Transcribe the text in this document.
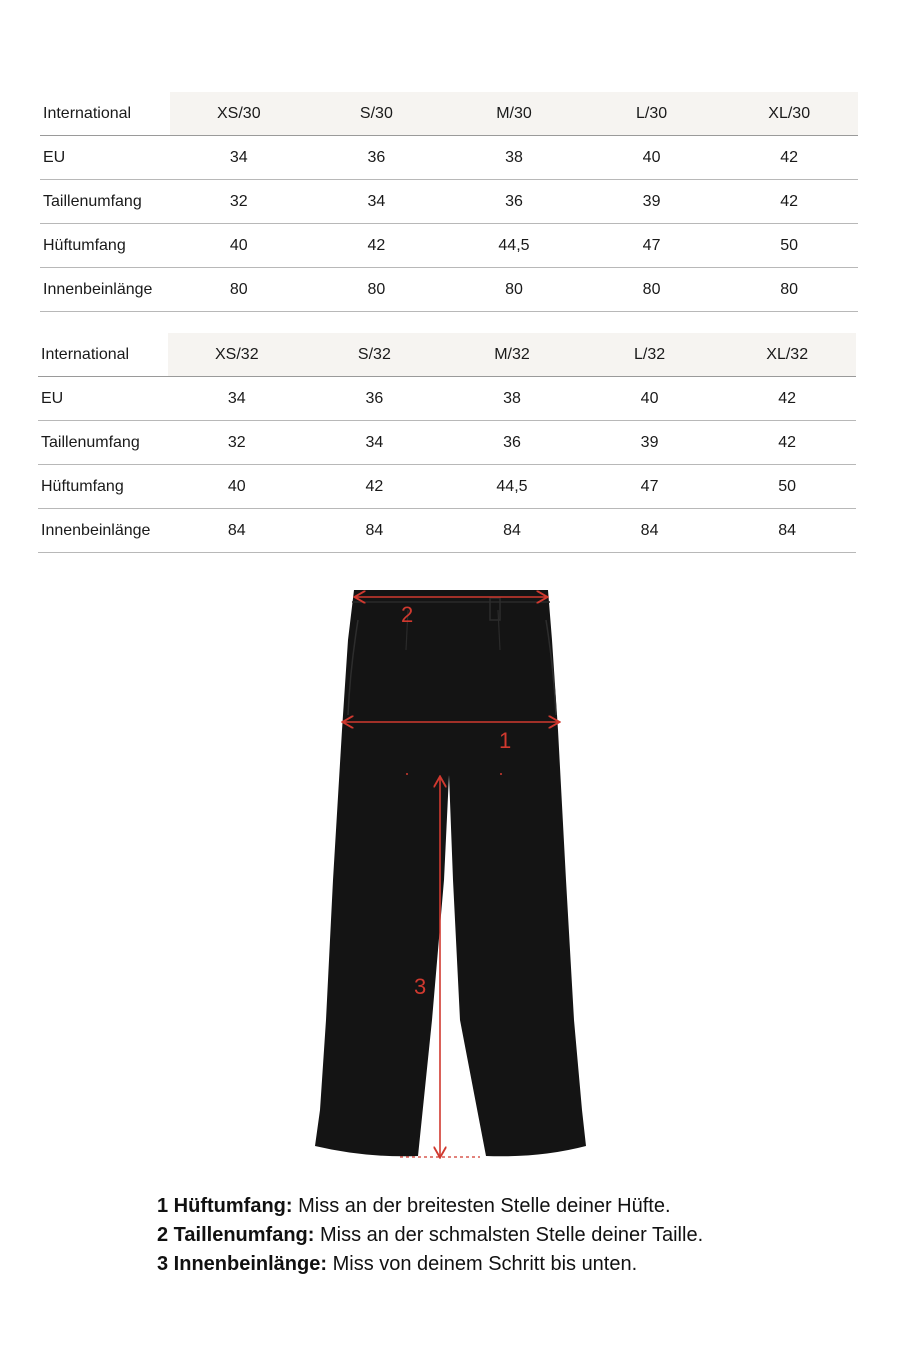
International	XS/30	S/30	M/30	L/30	XL/30
EU	34	36	38	40	42
Taillenumfang	32	34	36	39	42
Hüftumfang	40	42	44,5	47	50
Innenbeinlänge	80	80	80	80	80
International	XS/32	S/32	M/32	L/32	XL/32
EU	34	36	38	40	42
Taillenumfang	32	34	36	39	42
Hüftumfang	40	42	44,5	47	50
Innenbeinlänge	84	84	84	84	84
2
1
3
1 Hüftumfang: Miss an der breitesten Stelle deiner Hüfte.
2 Taillenumfang: Miss an der schmalsten Stelle deiner Taille.
3 Innenbeinlänge: Miss von deinem Schritt bis unten.
